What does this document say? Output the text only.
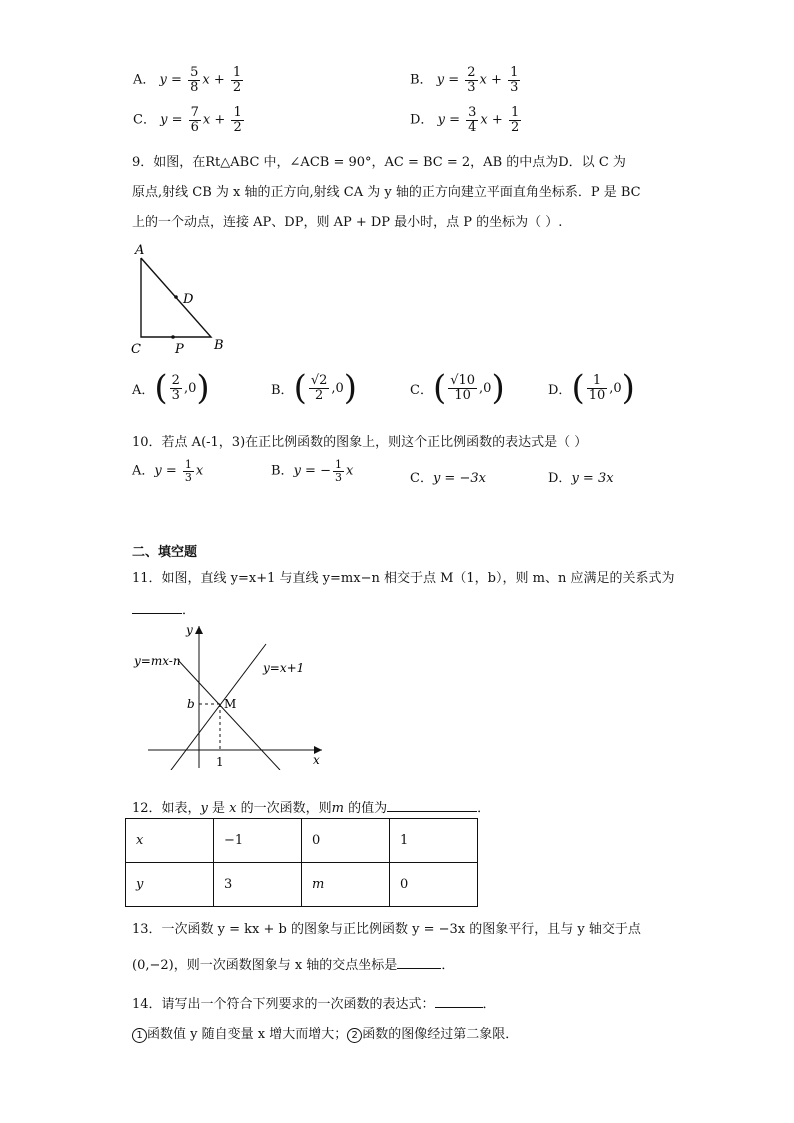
A． $y = \frac{5}{8}$ $x + \frac{1}{2}$	B． $y = \frac{2}{3}$ $x + \frac{1}{3}$
C． $y = \frac{7}{6}$ $x + \frac{1}{2}$	D． $y = \frac{3}{4}$ $x + \frac{1}{2}$
9．如图，在Rt△ABC 中，∠ACB = 90°，AC = BC = 2，AB 的中点为D．以 C 为
原点,射线 CB 为 x 轴的正方向,射线 CA 为 y 轴的正方向建立平面直角坐标系．P 是 BC
上的一个动点，连接 AP、DP，则 AP + DP 最小时，点 P 的坐标为（ ）.
A
D
C	P B
A． ( $\frac{2}{3} ,0$ )	B． ( $\frac{√2}{2} ,0$ )	C． ( $\frac{√10}{10} ,0$ )	D． ( $\frac{1}{10} ,0$ )
10．若点 A(-1，3)在正比例函数的图象上，则这个正比例函数的表达式是（ ）
A．$y = \frac{1}{3}$ x	B．y = − $\frac{1}{3}$ x	C．y = −3x	D．y = 3x
二、填空题
11．如图，直线 y=x+1 与直线 y=mx−n 相交于点 M（1，b），则 m、n 应满足的关系式为
．
y
x
y=mx-n	y=x+1
b M
1
12．如表，y 是 x 的一次函数，则m 的值为	．
x	−1	0	1
y	3	m	0
13．一次函数 y = kx + b 的图象与正比例函数 y = −3x 的图象平行，且与 y 轴交于点
(0,−2)，则一次函数图象与 x 轴的交点坐标是	．
14．请写出一个符合下列要求的一次函数的表达式：	．
1 函数值 y 随自变量 x 增大而增大； 2 函数的图像经过第二象限．
